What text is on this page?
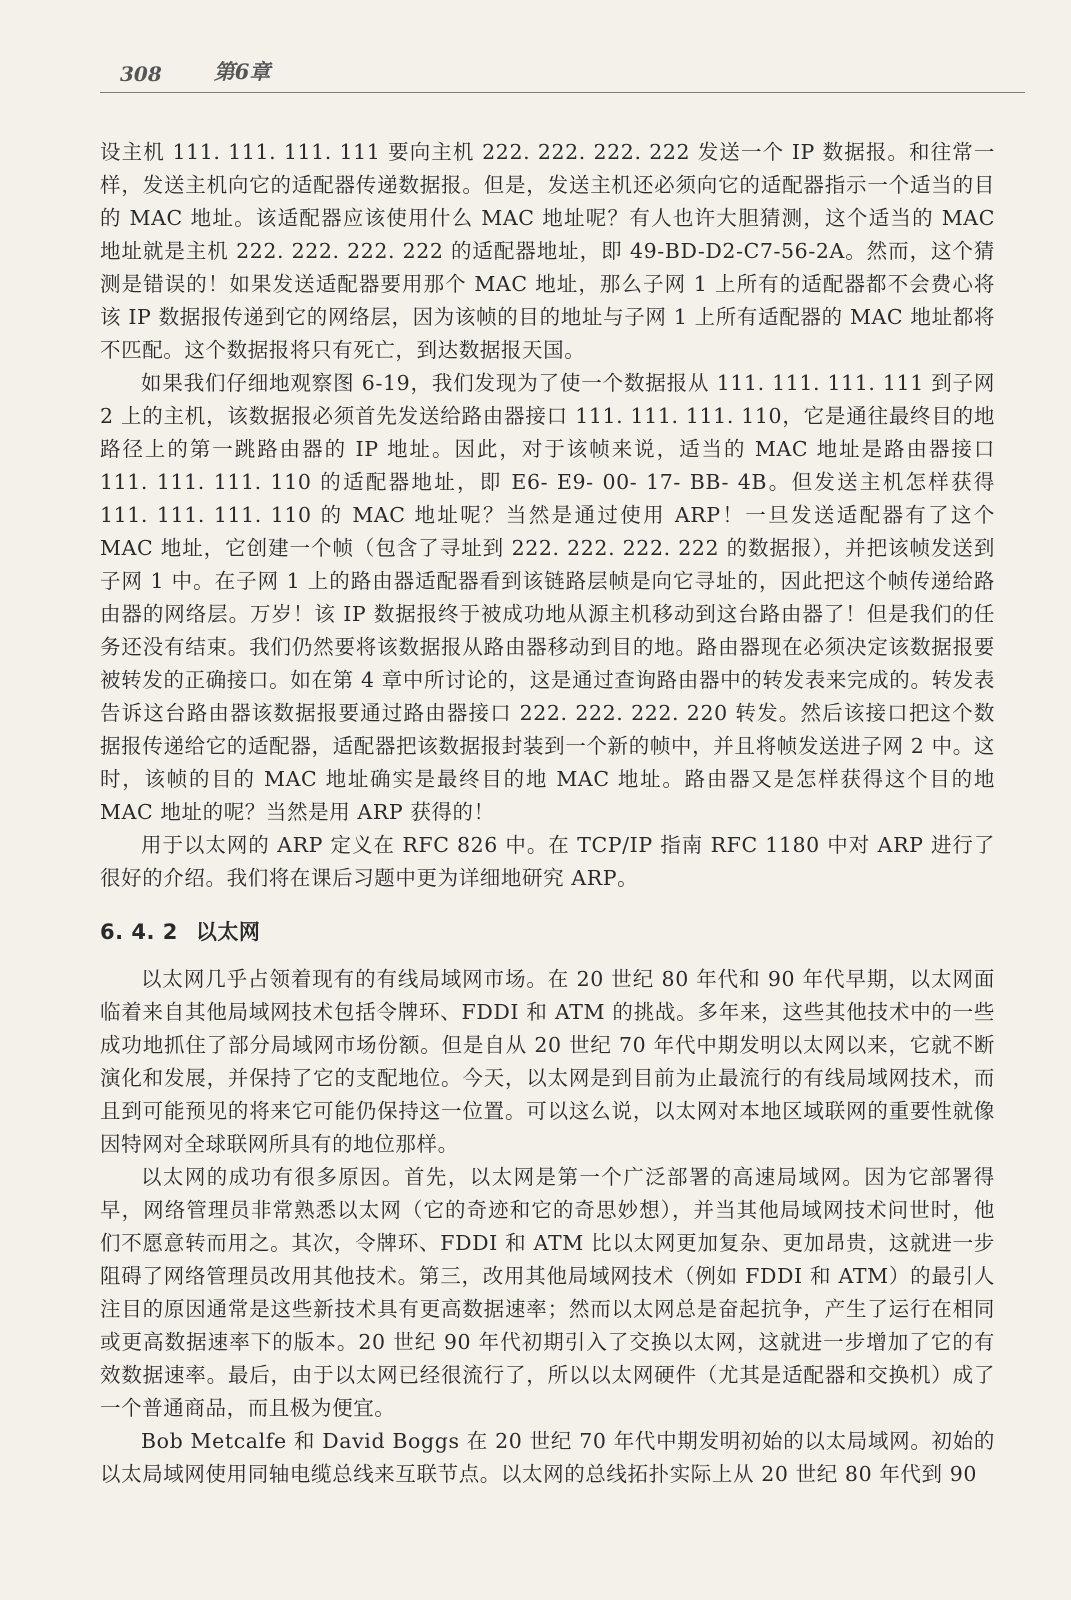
308 第6章

设主机 111. 111. 111. 111 要向主机 222. 222. 222. 222 发送一个 IP 数据报。和往常一样，发送主机向它的适配器传递数据报。但是，发送主机还必须向它的适配器指示一个适当的目的 MAC 地址。该适配器应该使用什么 MAC 地址呢？有人也许大胆猜测，这个适当的 MAC 地址就是主机 222. 222. 222. 222 的适配器地址，即 49-BD-D2-C7-56-2A。然而，这个猜测是错误的！如果发送适配器要用那个 MAC 地址，那么子网 1 上所有的适配器都不会费心将该 IP 数据报传递到它的网络层，因为该帧的目的地址与子网 1 上所有适配器的 MAC 地址都将不匹配。这个数据报将只有死亡，到达数据报天国。

如果我们仔细地观察图 6-19，我们发现为了使一个数据报从 111. 111. 111. 111 到子网 2 上的主机，该数据报必须首先发送给路由器接口 111. 111. 111. 110，它是通往最终目的地路径上的第一跳路由器的 IP 地址。因此，对于该帧来说，适当的 MAC 地址是路由器接口 111. 111. 111. 110 的适配器地址，即 E6- E9- 00- 17- BB- 4B。但发送主机怎样获得 111. 111. 111. 110 的 MAC 地址呢？当然是通过使用 ARP！一旦发送适配器有了这个 MAC 地址，它创建一个帧（包含了寻址到 222. 222. 222. 222 的数据报），并把该帧发送到子网 1 中。在子网 1 上的路由器适配器看到该链路层帧是向它寻址的，因此把这个帧传递给路由器的网络层。万岁！该 IP 数据报终于被成功地从源主机移动到这台路由器了！但是我们的任务还没有结束。我们仍然要将该数据报从路由器移动到目的地。路由器现在必须决定该数据报要被转发的正确接口。如在第 4 章中所讨论的，这是通过查询路由器中的转发表来完成的。转发表告诉这台路由器该数据报要通过路由器接口 222. 222. 222. 220 转发。然后该接口把这个数据报传递给它的适配器，适配器把该数据报封装到一个新的帧中，并且将帧发送进子网 2 中。这时，该帧的目的 MAC 地址确实是最终目的地 MAC 地址。路由器又是怎样获得这个目的地 MAC 地址的呢？当然是用 ARP 获得的！

用于以太网的 ARP 定义在 RFC 826 中。在 TCP/IP 指南 RFC 1180 中对 ARP 进行了很好的介绍。我们将在课后习题中更为详细地研究 ARP。

6. 4. 2 以太网

以太网几乎占领着现有的有线局域网市场。在 20 世纪 80 年代和 90 年代早期，以太网面临着来自其他局域网技术包括令牌环、FDDI 和 ATM 的挑战。多年来，这些其他技术中的一些成功地抓住了部分局域网市场份额。但是自从 20 世纪 70 年代中期发明以太网以来，它就不断演化和发展，并保持了它的支配地位。今天，以太网是到目前为止最流行的有线局域网技术，而且到可能预见的将来它可能仍保持这一位置。可以这么说，以太网对本地区域联网的重要性就像因特网对全球联网所具有的地位那样。

以太网的成功有很多原因。首先，以太网是第一个广泛部署的高速局域网。因为它部署得早，网络管理员非常熟悉以太网（它的奇迹和它的奇思妙想），并当其他局域网技术问世时，他们不愿意转而用之。其次，令牌环、FDDI 和 ATM 比以太网更加复杂、更加昂贵，这就进一步阻碍了网络管理员改用其他技术。第三，改用其他局域网技术（例如 FDDI 和 ATM）的最引人注目的原因通常是这些新技术具有更高数据速率；然而以太网总是奋起抗争，产生了运行在相同或更高数据速率下的版本。20 世纪 90 年代初期引入了交换以太网，这就进一步增加了它的有效数据速率。最后，由于以太网已经很流行了，所以以太网硬件（尤其是适配器和交换机）成了一个普通商品，而且极为便宜。

Bob Metcalfe 和 David Boggs 在 20 世纪 70 年代中期发明初始的以太局域网。初始的以太局域网使用同轴电缆总线来互联节点。以太网的总线拓扑实际上从 20 世纪 80 年代到 90
